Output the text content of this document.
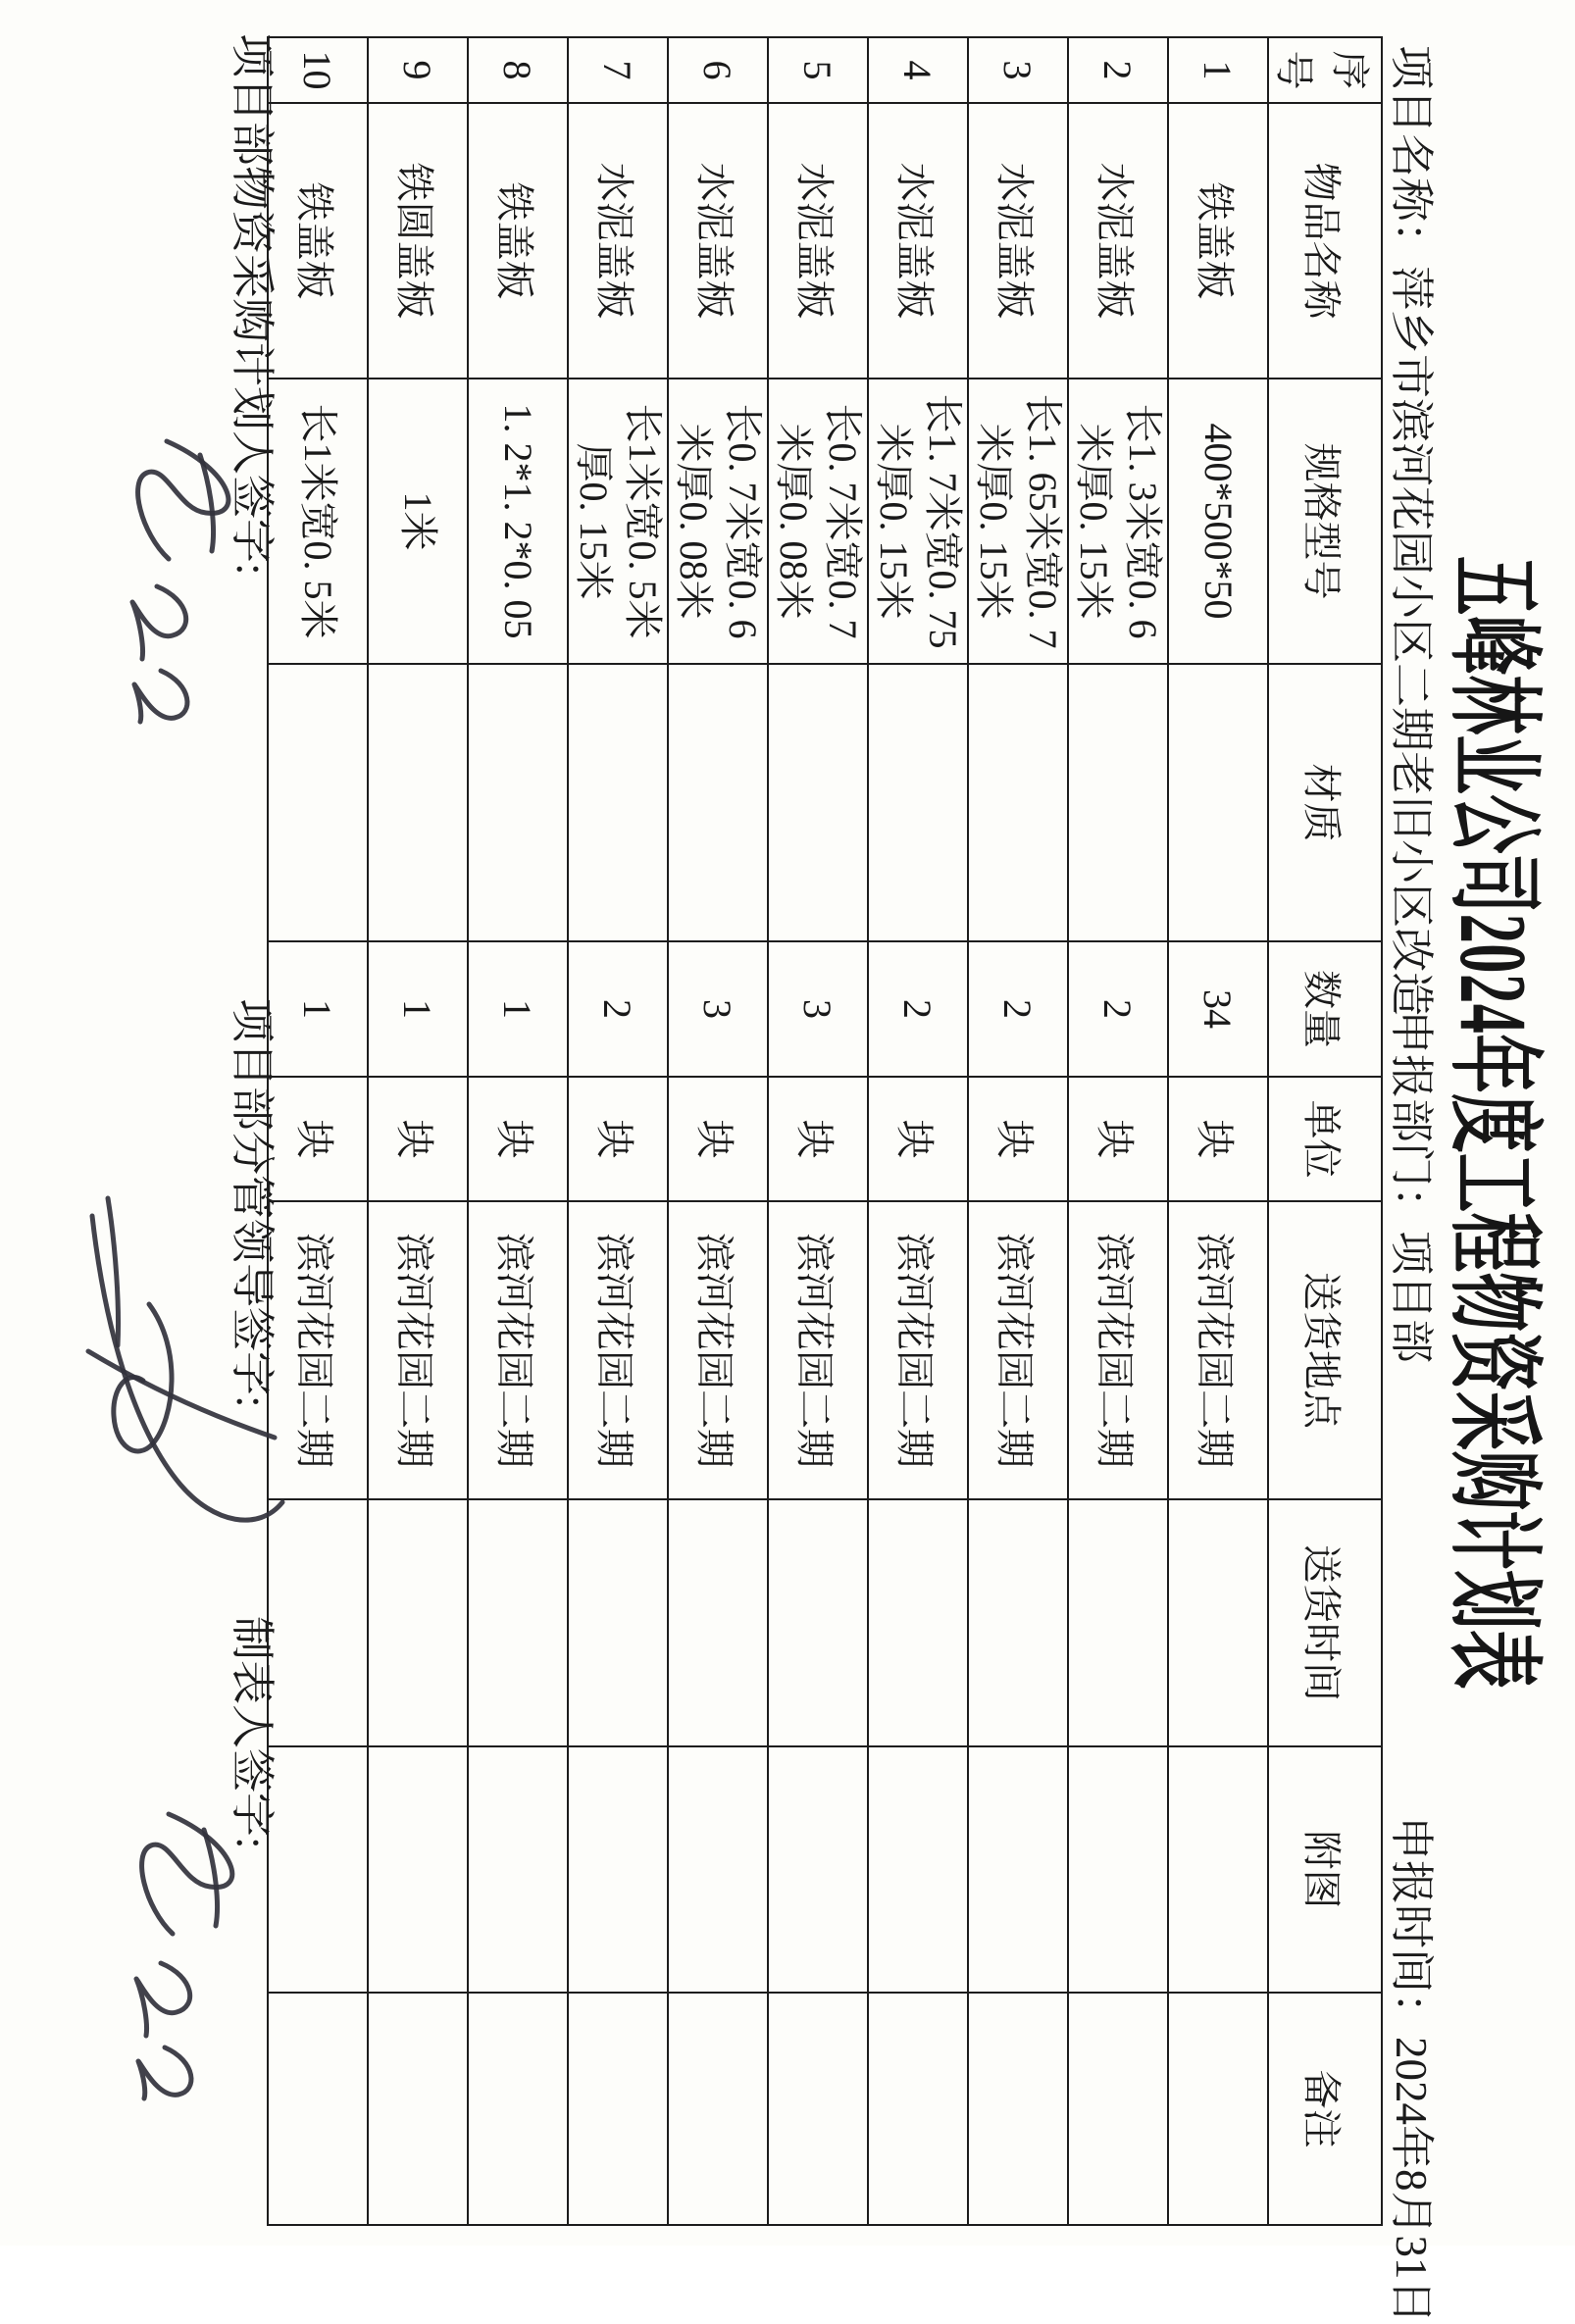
五峰林业公司2024年度工程物资采购计划表
项目名称：萍乡市滨河花园小区二期老旧小区改造
申报部门：项目部
申报时间：2024年8月31日
序号	物品名称	规格型号	材质	数量	单位	送货地点	送货时间	附图	备注
1	铁盖板	400*500*50		34	块	滨河花园二期			
2	水泥盖板	长1. 3米宽0. 6米厚0. 15米		2	块	滨河花园二期			
3	水泥盖板	长1. 65米宽0. 7米厚0. 15米		2	块	滨河花园二期			
4	水泥盖板	长1. 7米宽0. 75米厚0. 15米		2	块	滨河花园二期			
5	水泥盖板	长0. 7米宽0. 7米厚0. 08米		3	块	滨河花园二期			
6	水泥盖板	长0. 7米宽0. 6米厚0. 08米		3	块	滨河花园二期			
7	水泥盖板	长1米宽0. 5米厚0. 15米		2	块	滨河花园二期			
8	铁盖板	1. 2*1. 2*0. 05		1	块	滨河花园二期			
9	铁圆盖板	1米		1	块	滨河花园二期			
10	铁盖板	长1米宽0. 5米		1	块	滨河花园二期			
项目部物资采购计划人签字:
项目部分管领导签字:
制表人签字:
